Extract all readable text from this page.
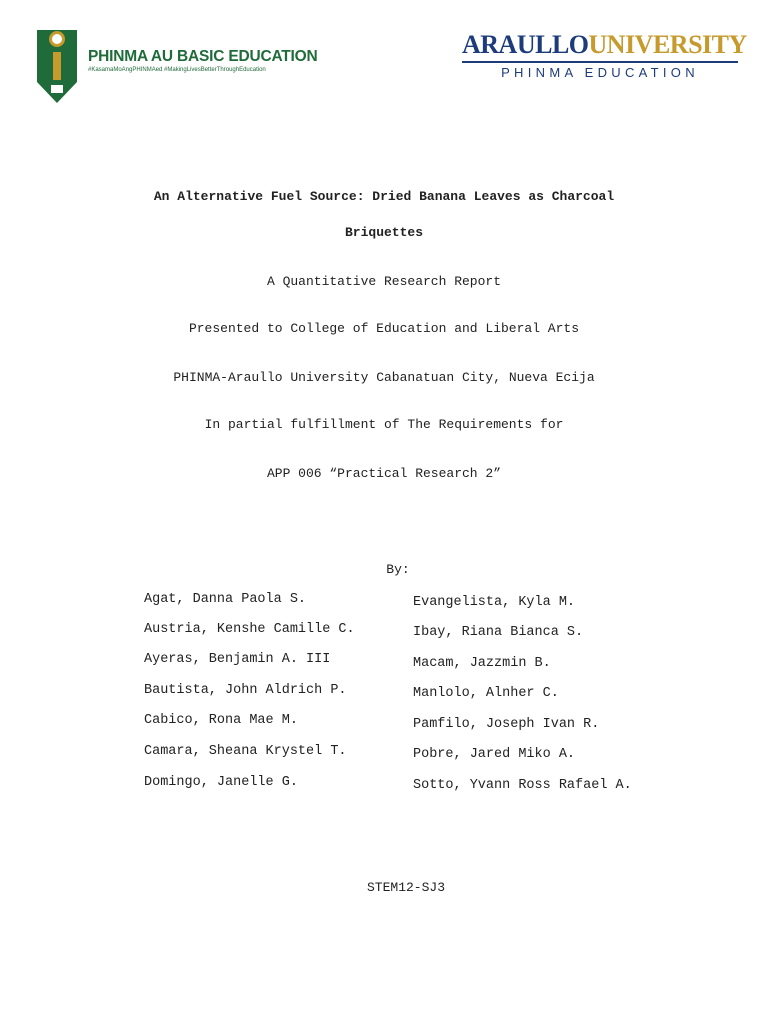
PHINMA AU BASIC EDUCATION
#KasamaMoAngPHINMAed #MakingLivesBetterThroughEducation
ARAULLOUNIVERSITY
PHINMA EDUCATION
An Alternative Fuel Source: Dried Banana Leaves as Charcoal
Briquettes
A Quantitative Research Report
Presented to College of Education and Liberal Arts
PHINMA-Araullo University Cabanatuan City, Nueva Ecija
In partial fulfillment of The Requirements for
APP 006 “Practical Research 2”
By:
Agat, Danna Paola S.
Austria, Kenshe Camille C.
Ayeras, Benjamin A. III
Bautista, John Aldrich P.
Cabico, Rona Mae M.
Camara, Sheana Krystel T.
Domingo, Janelle G.
Evangelista, Kyla M.
Ibay, Riana Bianca S.
Macam, Jazzmin B.
Manlolo, Alnher C.
Pamfilo, Joseph Ivan R.
Pobre, Jared Miko A.
Sotto, Yvann Ross Rafael A.
STEM12-SJ3
